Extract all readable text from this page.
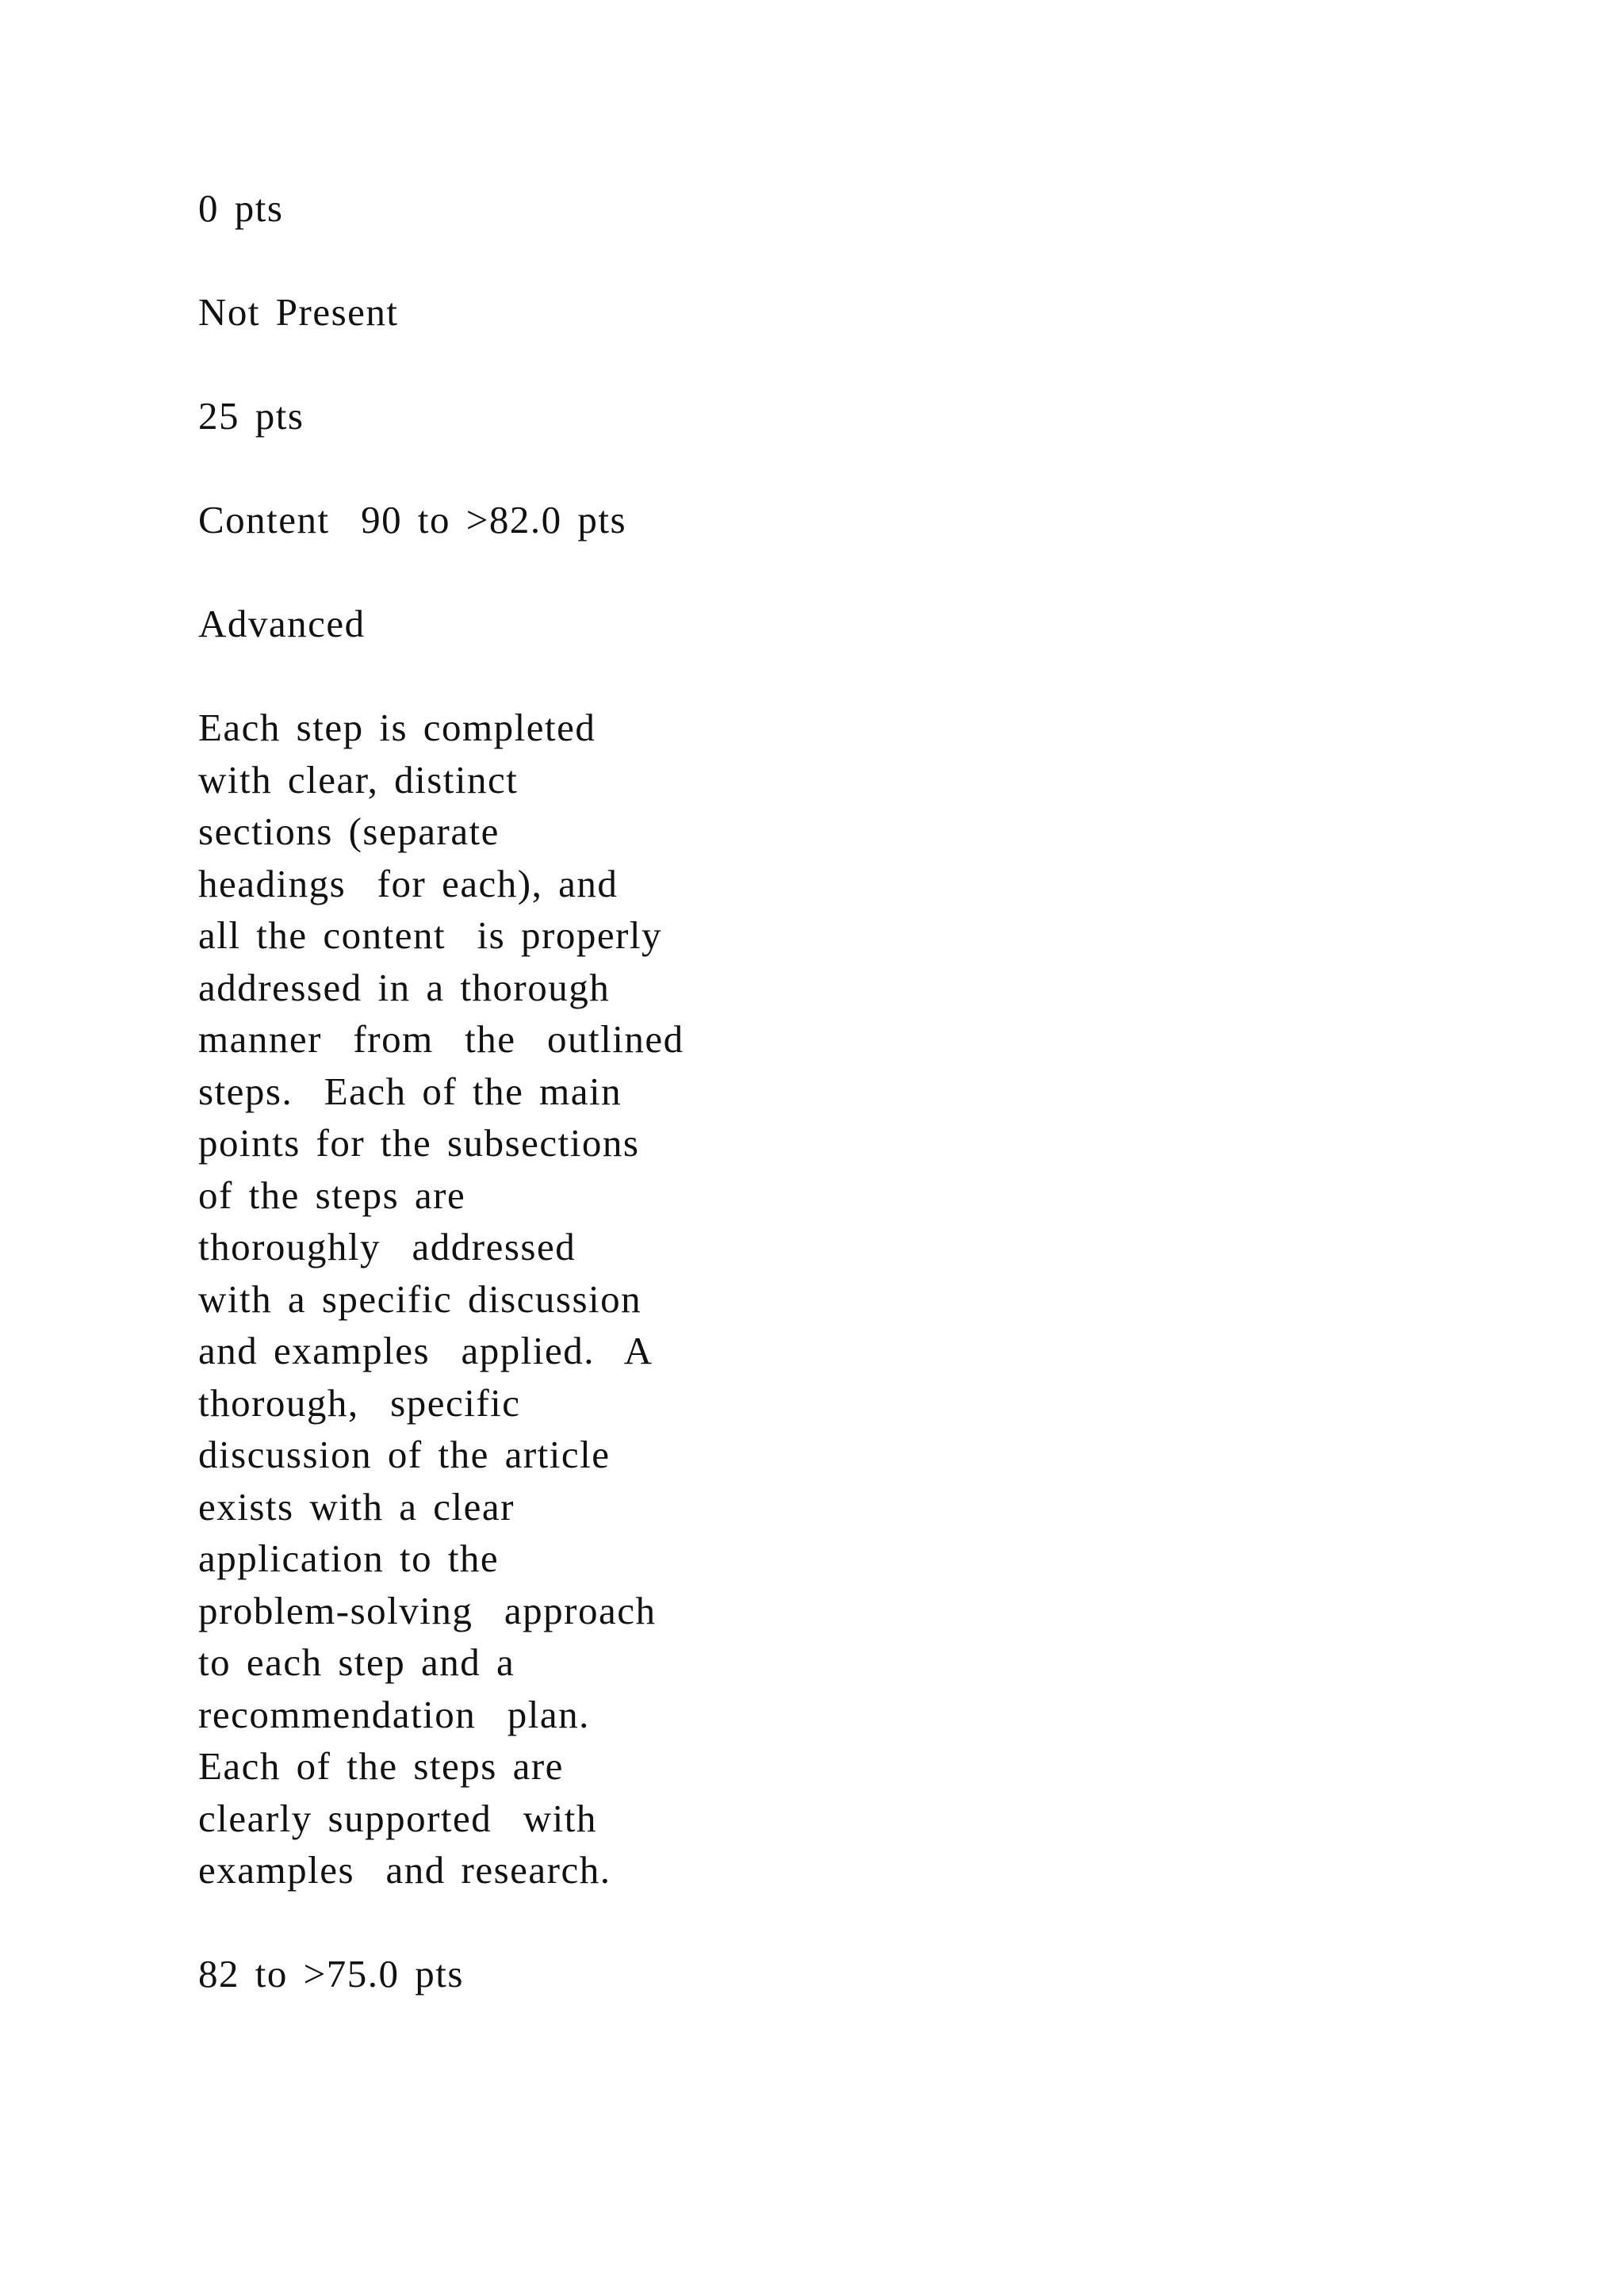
0 pts

Not Present

25 pts

Content  90 to >82.0 pts

Advanced

Each step is completed
with clear, distinct
sections (separate
headings  for each), and
all the content  is properly
addressed in a thorough
manner  from  the  outlined
steps.  Each of the main
points for the subsections
of the steps are
thoroughly  addressed
with a specific discussion
and examples  applied.  A
thorough,  specific
discussion of the article
exists with a clear
application to the
problem-solving  approach
to each step and a
recommendation  plan.
Each of the steps are
clearly supported  with
examples  and research.

82 to >75.0 pts
